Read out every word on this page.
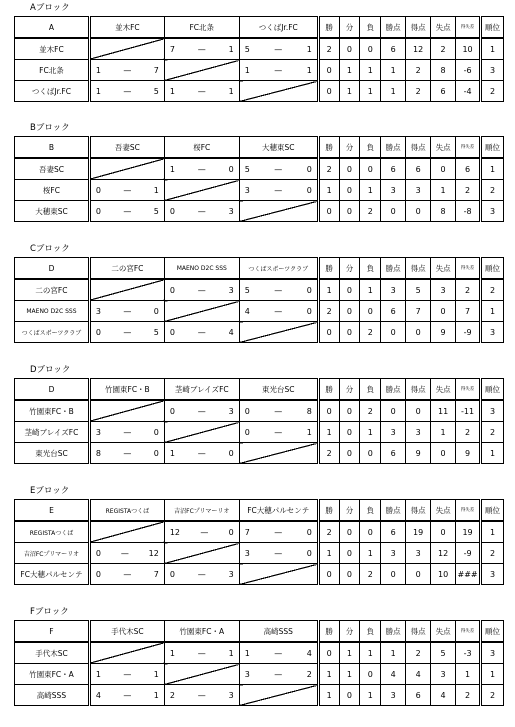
Aブロック
A	並木FC	FC北条	つくばJr.FC	勝	分	負	勝点	得点	失点	得失差	順位
並木FC		7 — 1	5 — 1	2	0	0	6	12	2	10	1
FC北条	1 — 7		1 — 1	0	1	1	1	2	8	-6	3
つくばJr.FC	1 — 5	1 — 1		0	1	1	1	2	6	-4	2
Bブロック
B	吾妻SC	桜FC	大穂東SC	勝	分	負	勝点	得点	失点	得失差	順位
吾妻SC		1 — 0	5 — 0	2	0	0	6	6	0	6	1
桜FC	0 — 1		3 — 0	1	0	1	3	3	1	2	2
大穂東SC	0 — 5	0 — 3		0	0	2	0	0	8	-8	3
Cブロック
D	二の宮FC	MAENO D2C SSS	つくばスポーツクラブ	勝	分	負	勝点	得点	失点	得失差	順位
二の宮FC		0 — 3	5 — 0	1	0	1	3	5	3	2	2
MAENO D2C SSS	3 — 0		4 — 0	2	0	0	6	7	0	7	1
つくばスポーツクラブ	0 — 5	0 — 4		0	0	2	0	0	9	-9	3
Dブロック
D	竹園東FC・B	茎崎ブレイズFC	東光台SC	勝	分	負	勝点	得点	失点	得失差	順位
竹園東FC・B		0 — 3	0 — 8	0	0	2	0	0	11	-11	3
茎崎ブレイズFC	3 — 0		0 — 1	1	0	1	3	3	1	2	2
東光台SC	8 — 0	1 — 0		2	0	0	6	9	0	9	1
Eブロック
E	REGISTAつくば	吉沼FCプリマーリオ	FC大穂パルセンテ	勝	分	負	勝点	得点	失点	得失差	順位
REGISTAつくば		12 — 0	7 — 0	2	0	0	6	19	0	19	1
吉沼FCプリマーリオ	0 — 12		3 — 0	1	0	1	3	3	12	-9	2
FC大穂パルセンテ	0 — 7	0 — 3		0	0	2	0	0	10	###	3
Fブロック
F	手代木SC	竹園東FC・A	高崎SSS	勝	分	負	勝点	得点	失点	得失差	順位
手代木SC		1 — 1	1 — 4	0	1	1	1	2	5	-3	3
竹園東FC・A	1 — 1		3 — 2	1	1	0	4	4	3	1	1
高崎SSS	4 — 1	2 — 3		1	0	1	3	6	4	2	2
